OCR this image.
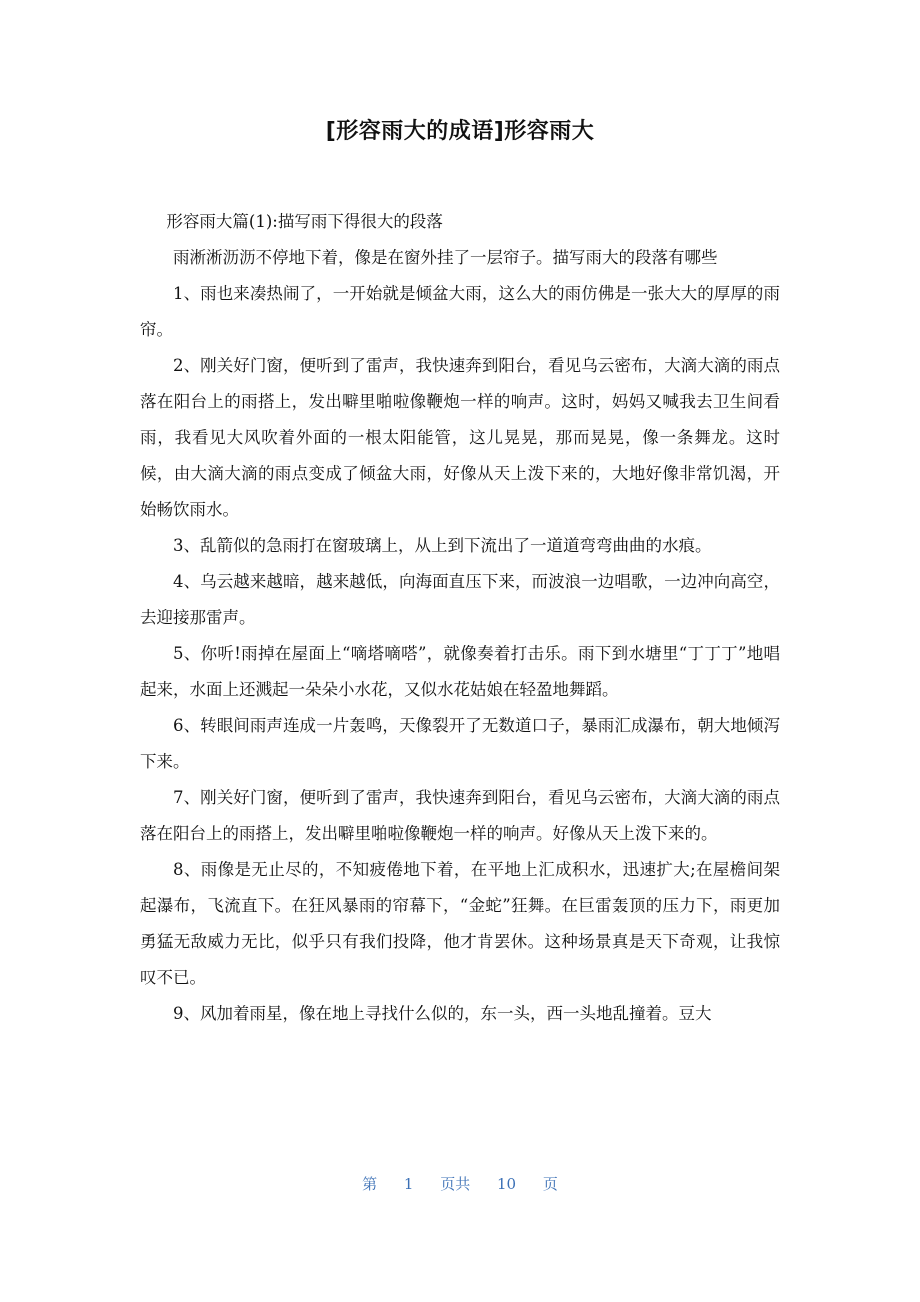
[形容雨大的成语]形容雨大

形容雨大篇(1):描写雨下得很大的段落

雨淅淅沥沥不停地下着，像是在窗外挂了一层帘子。描写雨大的段落有哪些

1、雨也来凑热闹了，一开始就是倾盆大雨，这么大的雨仿佛是一张大大的厚厚的雨帘。

2、刚关好门窗，便听到了雷声，我快速奔到阳台，看见乌云密布，大滴大滴的雨点落在阳台上的雨搭上，发出噼里啪啦像鞭炮一样的响声。这时，妈妈又喊我去卫生间看雨，我看见大风吹着外面的一根太阳能管，这儿晃晃，那而晃晃，像一条舞龙。这时候，由大滴大滴的雨点变成了倾盆大雨，好像从天上泼下来的，大地好像非常饥渴，开始畅饮雨水。

3、乱箭似的急雨打在窗玻璃上，从上到下流出了一道道弯弯曲曲的水痕。

4、乌云越来越暗，越来越低，向海面直压下来，而波浪一边唱歌，一边冲向高空，去迎接那雷声。

5、你听!雨掉在屋面上“嘀塔嘀嗒”，就像奏着打击乐。雨下到水塘里“丁丁丁”地唱起来，水面上还溅起一朵朵小水花，又似水花姑娘在轻盈地舞蹈。

6、转眼间雨声连成一片轰鸣，天像裂开了无数道口子，暴雨汇成瀑布，朝大地倾泻下来。

7、刚关好门窗，便听到了雷声，我快速奔到阳台，看见乌云密布，大滴大滴的雨点落在阳台上的雨搭上，发出噼里啪啦像鞭炮一样的响声。好像从天上泼下来的。

8、雨像是无止尽的，不知疲倦地下着，在平地上汇成积水，迅速扩大;在屋檐间架起瀑布，飞流直下。在狂风暴雨的帘幕下，“金蛇”狂舞。在巨雷轰顶的压力下，雨更加勇猛无敌威力无比，似乎只有我们投降，他才肯罢休。这种场景真是天下奇观，让我惊叹不已。

9、风加着雨星，像在地上寻找什么似的，东一头，西一头地乱撞着。豆大

第 1 页共 10 页
